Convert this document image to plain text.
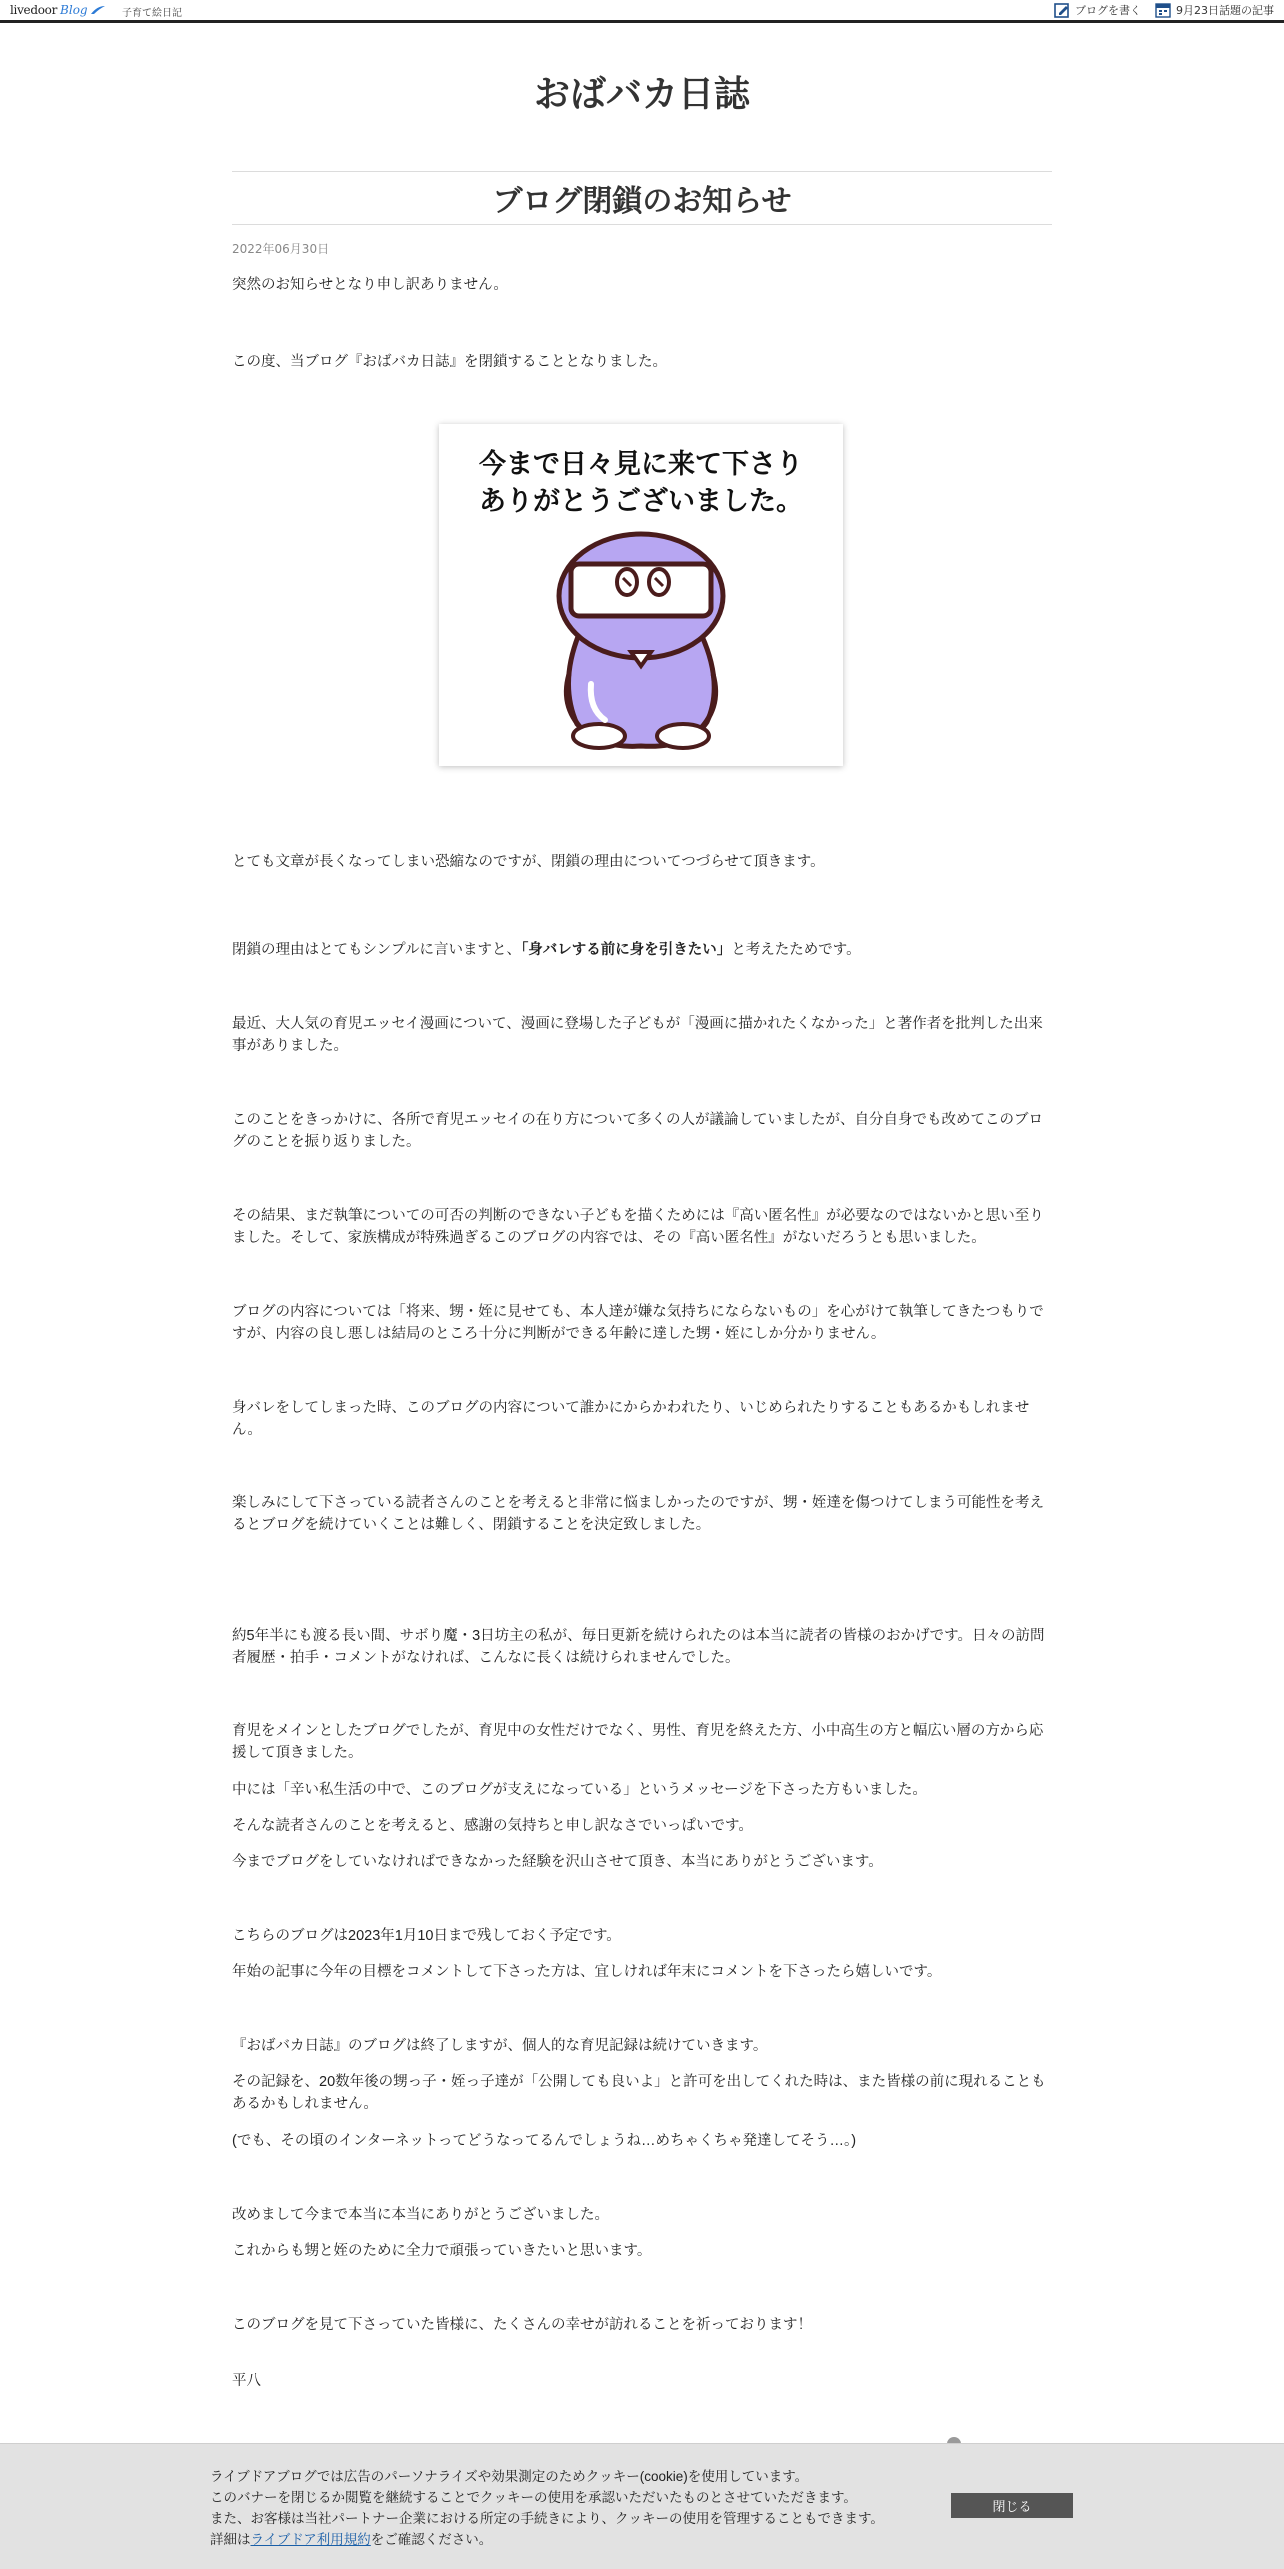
livedoor Blog	子育て絵日記	ブログを書く	9月23日話題の記事
おばバカ日誌
ブログ閉鎖のお知らせ
2022年06月30日

突然のお知らせとなり申し訳ありません。

この度、当ブログ『おばバカ日誌』を閉鎖することとなりました。

今まで日々見に来て下さり
ありがとうございました。

とても文章が長くなってしまい恐縮なのですが、閉鎖の理由についてつづらせて頂きます。

閉鎖の理由はとてもシンプルに言いますと、「身バレする前に身を引きたい」と考えたためです。

最近、大人気の育児エッセイ漫画について、漫画に登場した子どもが「漫画に描かれたくなかった」と著作者を批判した出来事がありました。

このことをきっかけに、各所で育児エッセイの在り方について多くの人が議論していましたが、自分自身でも改めてこのブログのことを振り返りました。

その結果、まだ執筆についての可否の判断のできない子どもを描くためには『高い匿名性』が必要なのではないかと思い至りました。そして、家族構成が特殊過ぎるこのブログの内容では、その『高い匿名性』がないだろうとも思いました。

ブログの内容については「将来、甥・姪に見せても、本人達が嫌な気持ちにならないもの」を心がけて執筆してきたつもりですが、内容の良し悪しは結局のところ十分に判断ができる年齢に達した甥・姪にしか分かりません。

身バレをしてしまった時、このブログの内容について誰かにからかわれたり、いじめられたりすることもあるかもしれません。

楽しみにして下さっている読者さんのことを考えると非常に悩ましかったのですが、甥・姪達を傷つけてしまう可能性を考えるとブログを続けていくことは難しく、閉鎖することを決定致しました。

約5年半にも渡る長い間、サボり魔・3日坊主の私が、毎日更新を続けられたのは本当に読者の皆様のおかげです。日々の訪問者履歴・拍手・コメントがなければ、こんなに長くは続けられませんでした。

育児をメインとしたブログでしたが、育児中の女性だけでなく、男性、育児を終えた方、小中高生の方と幅広い層の方から応援して頂きました。

中には「辛い私生活の中で、このブログが支えになっている」というメッセージを下さった方もいました。

そんな読者さんのことを考えると、感謝の気持ちと申し訳なさでいっぱいです。

今までブログをしていなければできなかった経験を沢山させて頂き、本当にありがとうございます。

こちらのブログは2023年1月10日まで残しておく予定です。

年始の記事に今年の目標をコメントして下さった方は、宜しければ年末にコメントを下さったら嬉しいです。

『おばバカ日誌』のブログは終了しますが、個人的な育児記録は続けていきます。

その記録を、20数年後の甥っ子・姪っ子達が「公開しても良いよ」と許可を出してくれた時は、また皆様の前に現れることもあるかもしれません。

(でも、その頃のインターネットってどうなってるんでしょうね…めちゃくちゃ発達してそう…。)

改めまして今まで本当に本当にありがとうございました。

これからも甥と姪のために全力で頑張っていきたいと思います。

このブログを見て下さっていた皆様に、たくさんの幸せが訪れることを祈っております！

平八

ライブドアブログでは広告のパーソナライズや効果測定のためクッキー(cookie)を使用しています。
このバナーを閉じるか閲覧を継続することでクッキーの使用を承認いただいたものとさせていただきます。
また、お客様は当社パートナー企業における所定の手続きにより、クッキーの使用を管理することもできます。
詳細はライブドア利用規約をご確認ください。
閉じる
